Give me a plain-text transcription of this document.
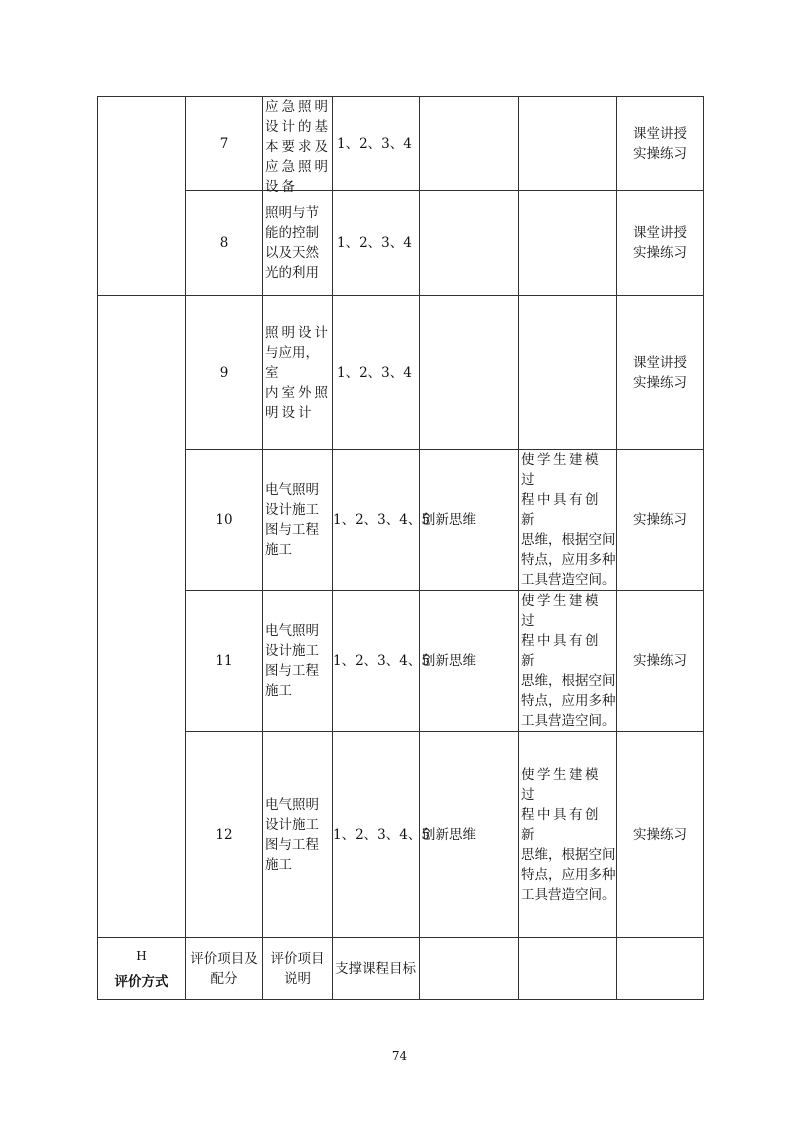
	7	应急照明
设计的基
本要求及
应急照明
设备	1、2、3、4			课堂讲授
实操练习

	8	照明与节
能的控制
以及天然
光的利用	1、2、3、4			课堂讲授
实操练习

	9	照明设计
与应用，室
内室外照
明设计	1、2、3、4			课堂讲授
实操练习

	10	电气照明
设计施工
图与工程
施工	1、2、3、4、5	创新思维	使学生建模过
程中具有创新
思维，根据空间
特点，应用多种
工具营造空间。	实操练习

	11	电气照明
设计施工
图与工程
施工	1、2、3、4、5	创新思维	使学生建模过
程中具有创新
思维，根据空间
特点，应用多种
工具营造空间。	实操练习

	12	电气照明
设计施工
图与工程
施工	1、2、3、4、5	创新思维	使学生建模过
程中具有创新
思维，根据空间
特点，应用多种
工具营造空间。	实操练习

H
评价方式	评价项目及
配分	评价项目
说明	支撑课程目标			
74
